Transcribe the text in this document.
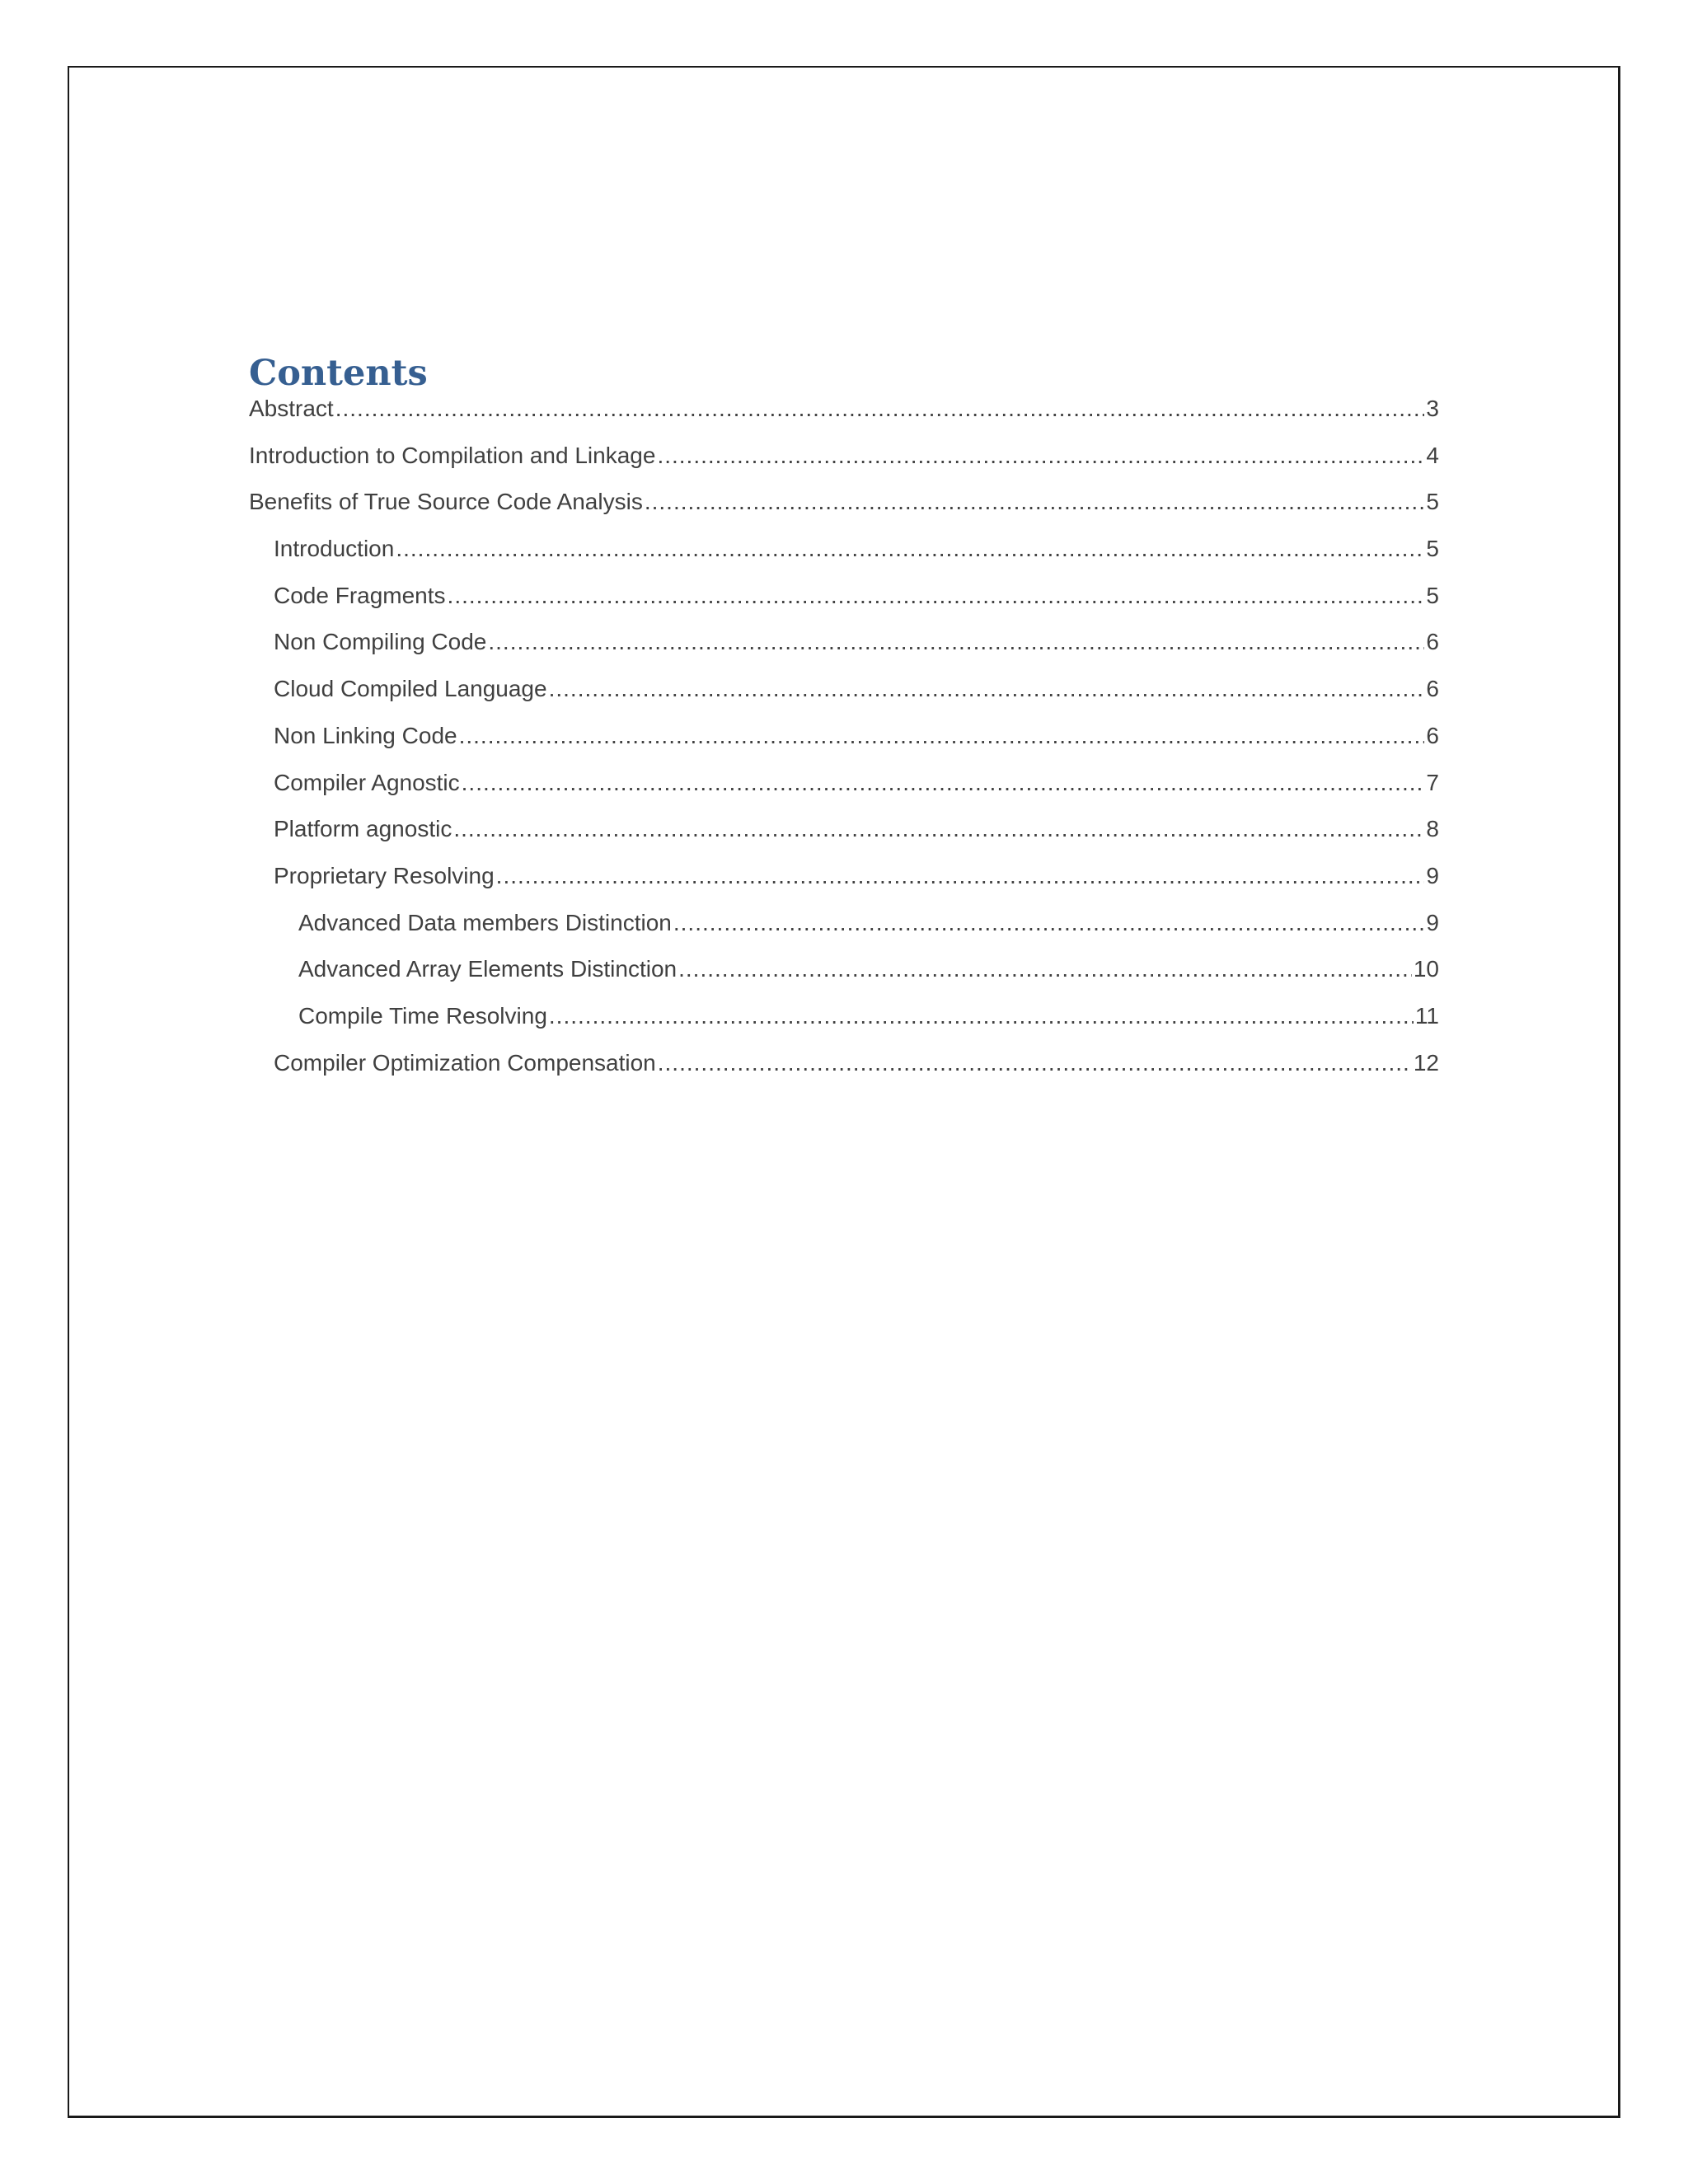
Contents
Abstract .....	3
Introduction to Compilation and Linkage .....	4
Benefits of True Source Code Analysis .....	5
Introduction .....	5
Code Fragments .....	5
Non Compiling Code .....	6
Cloud Compiled Language .....	6
Non Linking Code .....	6
Compiler Agnostic .....	7
Platform agnostic .....	8
Proprietary Resolving .....	9
Advanced Data members Distinction .....	9
Advanced Array Elements Distinction .....	10
Compile Time Resolving .....	11
Compiler Optimization Compensation .....	12
